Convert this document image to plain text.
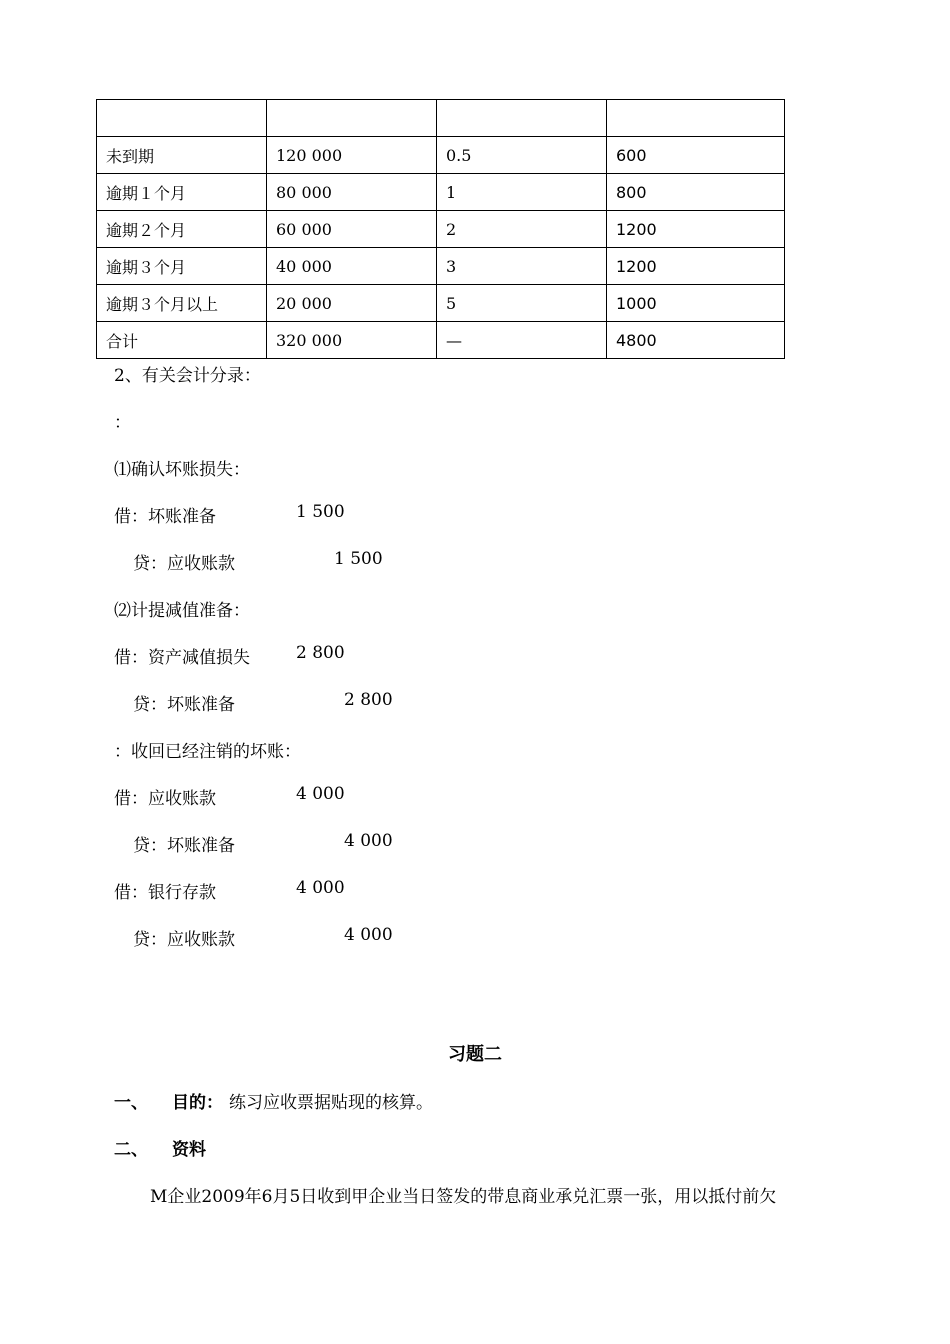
未到期	120 000	0.5	600
逾期１个月	80 000	1	800
逾期２个月	60 000	2	1200
逾期３个月	40 000	3	1200
逾期３个月以上	20 000	5	1000
合计	320 000	—	4800
2、有关会计分录：
：
⑴确认坏账损失：
借：坏账准备	1 500
贷：应收账款	1 500
⑵计提减值准备：
借：资产减值损失	2 800
贷：坏账准备	2 800
：收回已经注销的坏账：
借：应收账款	4 000
贷：坏账准备	4 000
借：银行存款	4 000
贷：应收账款	4 000
习题二
一、 目的： 练习应收票据贴现的核算。
二、 资料
M企业2009年6月5日收到甲企业当日签发的带息商业承兑汇票一张，用以抵付前欠
